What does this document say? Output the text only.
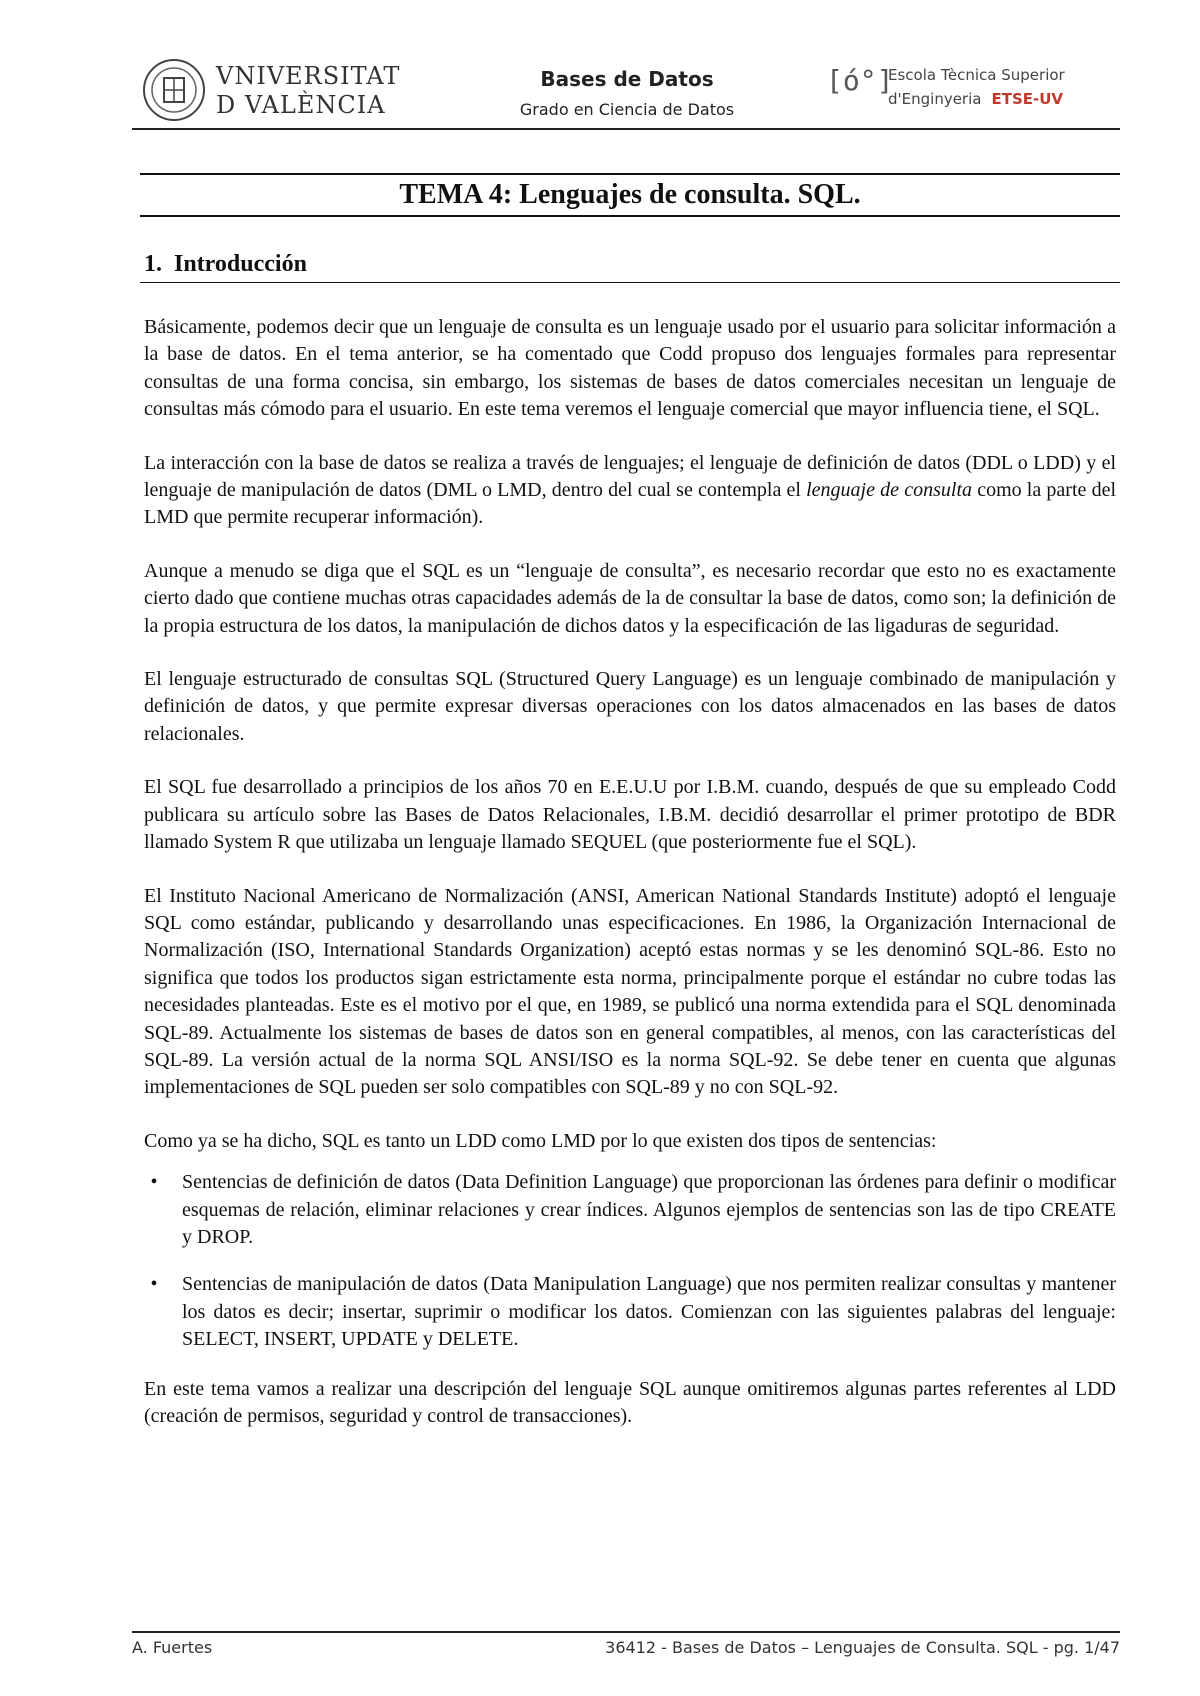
VNIVERSITAT
D VALÈNCIA
Bases de Datos
Grado en Ciencia de Datos
[ó°]
Escola Tècnica Superior
d'Enginyeria ETSE-UV
TEMA 4: Lenguajes de consulta. SQL.
1. Introducción

Básicamente, podemos decir que un lenguaje de consulta es un lenguaje usado por el usuario para solicitar información a la base de datos. En el tema anterior, se ha comentado que Codd propuso dos lenguajes formales para representar consultas de una forma concisa, sin embargo, los sistemas de bases de datos comerciales necesitan un lenguaje de consultas más cómodo para el usuario. En este tema veremos el lenguaje comercial que mayor influencia tiene, el SQL.

La interacción con la base de datos se realiza a través de lenguajes; el lenguaje de definición de datos (DDL o LDD) y el lenguaje de manipulación de datos (DML o LMD, dentro del cual se contempla el lenguaje de consulta como la parte del LMD que permite recuperar información).

Aunque a menudo se diga que el SQL es un “lenguaje de consulta”, es necesario recordar que esto no es exactamente cierto dado que contiene muchas otras capacidades además de la de consultar la base de datos, como son; la definición de la propia estructura de los datos, la manipulación de dichos datos y la especificación de las ligaduras de seguridad.

El lenguaje estructurado de consultas SQL (Structured Query Language) es un lenguaje combinado de manipulación y definición de datos, y que permite expresar diversas operaciones con los datos almacenados en las bases de datos relacionales.

El SQL fue desarrollado a principios de los años 70 en E.E.U.U por I.B.M. cuando, después de que su empleado Codd publicara su artículo sobre las Bases de Datos Relacionales, I.B.M. decidió desarrollar el primer prototipo de BDR llamado System R que utilizaba un lenguaje llamado SEQUEL (que posteriormente fue el SQL).

El Instituto Nacional Americano de Normalización (ANSI, American National Standards Institute) adoptó el lenguaje SQL como estándar, publicando y desarrollando unas especificaciones. En 1986, la Organización Internacional de Normalización (ISO, International Standards Organization) aceptó estas normas y se les denominó SQL-86. Esto no significa que todos los productos sigan estrictamente esta norma, principalmente porque el estándar no cubre todas las necesidades planteadas. Este es el motivo por el que, en 1989, se publicó una norma extendida para el SQL denominada SQL-89. Actualmente los sistemas de bases de datos son en general compatibles, al menos, con las características del SQL-89. La versión actual de la norma SQL ANSI/ISO es la norma SQL-92. Se debe tener en cuenta que algunas implementaciones de SQL pueden ser solo compatibles con SQL-89 y no con SQL-92.

Como ya se ha dicho, SQL es tanto un LDD como LMD por lo que existen dos tipos de sentencias:

•
Sentencias de definición de datos (Data Definition Language) que proporcionan las órdenes para definir o modificar esquemas de relación, eliminar relaciones y crear índices. Algunos ejemplos de sentencias son las de tipo CREATE y DROP.
•
Sentencias de manipulación de datos (Data Manipulation Language) que nos permiten realizar consultas y mantener los datos es decir; insertar, suprimir o modificar los datos. Comienzan con las siguientes palabras del lenguaje: SELECT, INSERT, UPDATE y DELETE.

En este tema vamos a realizar una descripción del lenguaje SQL aunque omitiremos algunas partes referentes al LDD (creación de permisos, seguridad y control de transacciones).

A. Fuertes	36412 - Bases de Datos – Lenguajes de Consulta. SQL - pg. 1/47
